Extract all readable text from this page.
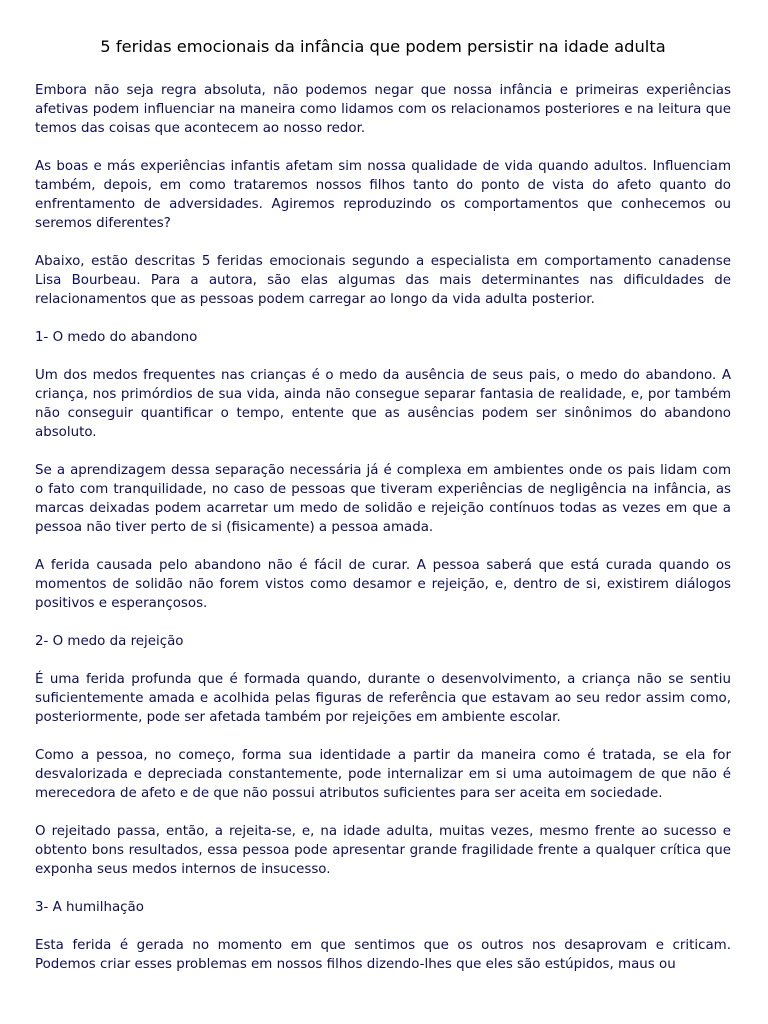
5 feridas emocionais da infância que podem persistir na idade adulta

Embora não seja regra absoluta, não podemos negar que nossa infância e primeiras experiências afetivas podem influenciar na maneira como lidamos com os relacionamos posteriores e na leitura que temos das coisas que acontecem ao nosso redor.

As boas e más experiências infantis afetam sim nossa qualidade de vida quando adultos. Influenciam também, depois, em como trataremos nossos filhos tanto do ponto de vista do afeto quanto do enfrentamento de adversidades. Agiremos reproduzindo os comportamentos que conhecemos ou seremos diferentes?

Abaixo, estão descritas 5 feridas emocionais segundo a especialista em comportamento canadense Lisa Bourbeau. Para a autora, são elas algumas das mais determinantes nas dificuldades de relacionamentos que as pessoas podem carregar ao longo da vida adulta posterior.

1- O medo do abandono

Um dos medos frequentes nas crianças é o medo da ausência de seus pais, o medo do abandono. A criança, nos primórdios de sua vida, ainda não consegue separar fantasia de realidade, e, por também não conseguir quantificar o tempo, entente que as ausências podem ser sinônimos do abandono absoluto.

Se a aprendizagem dessa separação necessária já é complexa em ambientes onde os pais lidam com o fato com tranquilidade, no caso de pessoas que tiveram experiências de negligência na infância, as marcas deixadas podem acarretar um medo de solidão e rejeição contínuos todas as vezes em que a pessoa não tiver perto de si (fisicamente) a pessoa amada.

A ferida causada pelo abandono não é fácil de curar. A pessoa saberá que está curada quando os momentos de solidão não forem vistos como desamor e rejeição, e, dentro de si, existirem diálogos positivos e esperançosos.

2- O medo da rejeição

É uma ferida profunda que é formada quando, durante o desenvolvimento, a criança não se sentiu suficientemente amada e acolhida pelas figuras de referência que estavam ao seu redor assim como, posteriormente, pode ser afetada também por rejeições em ambiente escolar.

Como a pessoa, no começo, forma sua identidade a partir da maneira como é tratada, se ela for desvalorizada e depreciada constantemente, pode internalizar em si uma autoimagem de que não é merecedora de afeto e de que não possui atributos suficientes para ser aceita em sociedade.

O rejeitado passa, então, a rejeita-se, e, na idade adulta, muitas vezes, mesmo frente ao sucesso e obtento bons resultados, essa pessoa pode apresentar grande fragilidade frente a qualquer crítica que exponha seus medos internos de insucesso.

3- A humilhação

Esta ferida é gerada no momento em que sentimos que os outros nos desaprovam e criticam. Podemos criar esses problemas em nossos filhos dizendo-lhes que eles são estúpidos, maus ou
